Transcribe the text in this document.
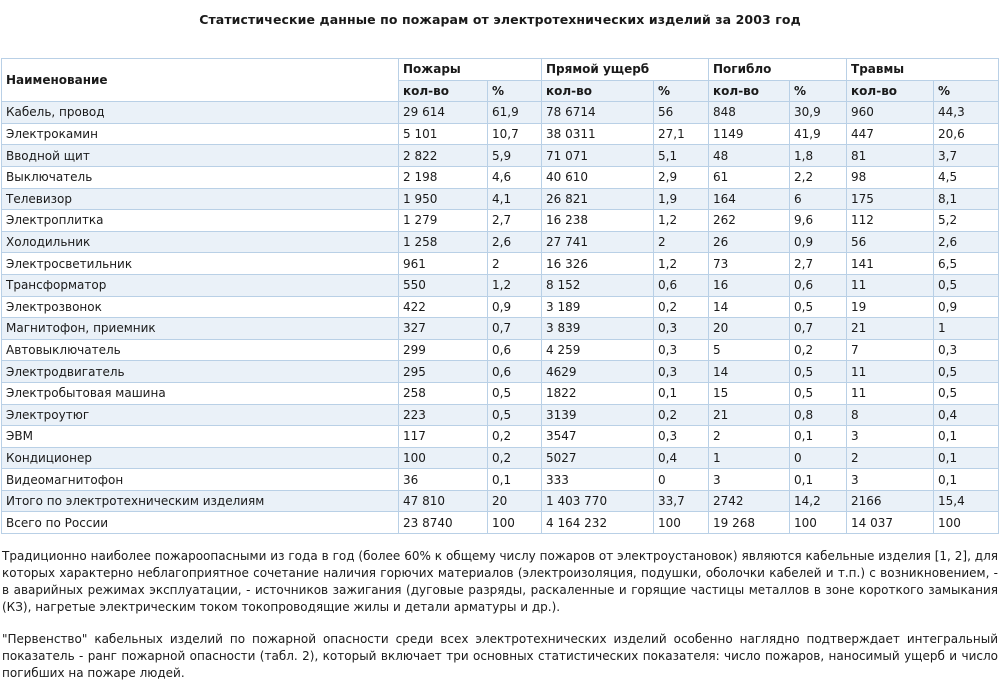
Статистические данные по пожарам от электротехнических изделий за 2003 год
Наименование	Пожары		Прямой ущерб		Погибло		Травмы	
	кол-во	%	кол-во	%	кол-во	%	кол-во	%
Кабель, провод	29 614	61,9	78 6714	56	848	30,9	960	44,3
Электрокамин	5 101	10,7	38 0311	27,1	1149	41,9	447	20,6
Вводной щит	2 822	5,9	71 071	5,1	48	1,8	81	3,7
Выключатель	2 198	4,6	40 610	2,9	61	2,2	98	4,5
Телевизор	1 950	4,1	26 821	1,9	164	6	175	8,1
Электроплитка	1 279	2,7	16 238	1,2	262	9,6	112	5,2
Холодильник	1 258	2,6	27 741	2	26	0,9	56	2,6
Электросветильник	961	2	16 326	1,2	73	2,7	141	6,5
Трансформатор	550	1,2	8 152	0,6	16	0,6	11	0,5
Электрозвонок	422	0,9	3 189	0,2	14	0,5	19	0,9
Магнитофон, приемник	327	0,7	3 839	0,3	20	0,7	21	1
Автовыключатель	299	0,6	4 259	0,3	5	0,2	7	0,3
Электродвигатель	295	0,6	4629	0,3	14	0,5	11	0,5
Электробытовая машина	258	0,5	1822	0,1	15	0,5	11	0,5
Электроутюг	223	0,5	3139	0,2	21	0,8	8	0,4
ЭВМ	117	0,2	3547	0,3	2	0,1	3	0,1
Кондиционер	100	0,2	5027	0,4	1	0	2	0,1
Видеомагнитофон	36	0,1	333	0	3	0,1	3	0,1
Итого по электротехническим изделиям	47 810	20	1 403 770	33,7	2742	14,2	2166	15,4
Всего по России	23 8740	100	4 164 232	100	19 268	100	14 037	100
Традиционно наиболее пожароопасными из года в год (более 60% к общему числу пожаров от электроустановок) являются кабельные изделия [1, 2], для которых характерно неблагоприятное сочетание наличия горючих материалов (электроизоляция, подушки, оболочки кабелей и т.п.) с возникновением, - в аварийных режимах эксплуатации, - источников зажигания (дуговые разряды, раскаленные и горящие частицы металлов в зоне короткого замыкания (КЗ), нагретые электрическим током токопроводящие жилы и детали арматуры и др.).
"Первенство" кабельных изделий по пожарной опасности среди всех электротехнических изделий особенно наглядно подтверждает интегральный показатель - ранг пожарной опасности (табл. 2), который включает три основных статистических показателя: число пожаров, наносимый ущерб и число погибших на пожаре людей.
